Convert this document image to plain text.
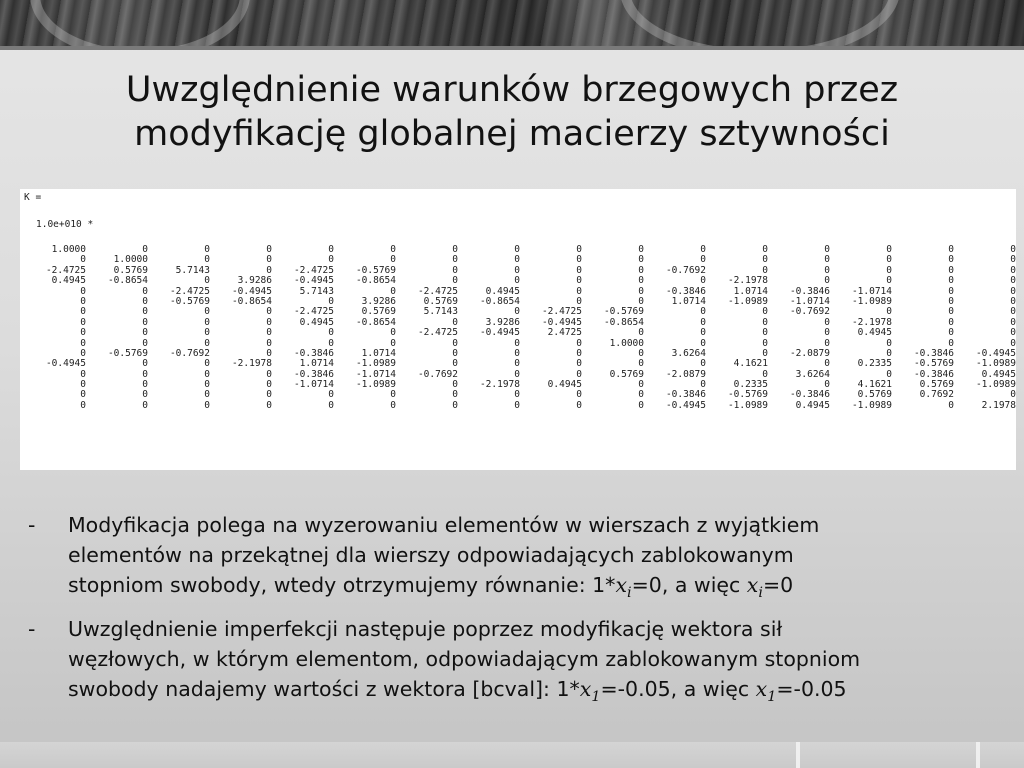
Uwzględnienie warunków brzegowych przez
modyfikację globalnej macierzy sztywności
K =
1.0e+010 *
1.0000	0	0	0	0	0	0	0	0	0	0	0	0	0	0	0
0	1.0000	0	0	0	0	0	0	0	0	0	0	0	0	0	0
-2.4725	0.5769	5.7143	0	-2.4725	-0.5769	0	0	0	0	-0.7692	0	0	0	0	0
0.4945	-0.8654	0	3.9286	-0.4945	-0.8654	0	0	0	0	0	-2.1978	0	0	0	0
0	0	-2.4725	-0.4945	5.7143	0	-2.4725	0.4945	0	0	-0.3846	1.0714	-0.3846	-1.0714	0	0
0	0	-0.5769	-0.8654	0	3.9286	0.5769	-0.8654	0	0	1.0714	-1.0989	-1.0714	-1.0989	0	0
0	0	0	0	-2.4725	0.5769	5.7143	0	-2.4725	-0.5769	0	0	-0.7692	0	0	0
0	0	0	0	0.4945	-0.8654	0	3.9286	-0.4945	-0.8654	0	0	0	-2.1978	0	0
0	0	0	0	0	0	-2.4725	-0.4945	2.4725	0	0	0	0	0.4945	0	0
0	0	0	0	0	0	0	0	0	1.0000	0	0	0	0	0	0
0	-0.5769	-0.7692	0	-0.3846	1.0714	0	0	0	0	3.6264	0	-2.0879	0	-0.3846	-0.4945
-0.4945	0	0	-2.1978	1.0714	-1.0989	0	0	0	0	0	4.1621	0	0.2335	-0.5769	-1.0989
0	0	0	0	-0.3846	-1.0714	-0.7692	0	0	0.5769	-2.0879	0	3.6264	0	-0.3846	0.4945
0	0	0	0	-1.0714	-1.0989	0	-2.1978	0.4945	0	0	0.2335	0	4.1621	0.5769	-1.0989
0	0	0	0	0	0	0	0	0	0	-0.3846	-0.5769	-0.3846	0.5769	0.7692	0
0	0	0	0	0	0	0	0	0	0	-0.4945	-1.0989	0.4945	-1.0989	0	2.1978
-	Modyfikacja polega na wyzerowaniu elementów w wierszach z wyjątkiem
elementów na przekątnej dla wierszy odpowiadających zablokowanym
stopniom swobody, wtedy otrzymujemy równanie: $1*x_i=0$, a więc $x_i=0$
-	Uwzględnienie imperfekcji następuje poprzez modyfikację wektora sił
węzłowych, w którym elementom, odpowiadającym zablokowanym stopniom
swobody nadajemy wartości z wektora [bcval]: $1*x_1=-0.05$, a więc $x_1=-0.05$
